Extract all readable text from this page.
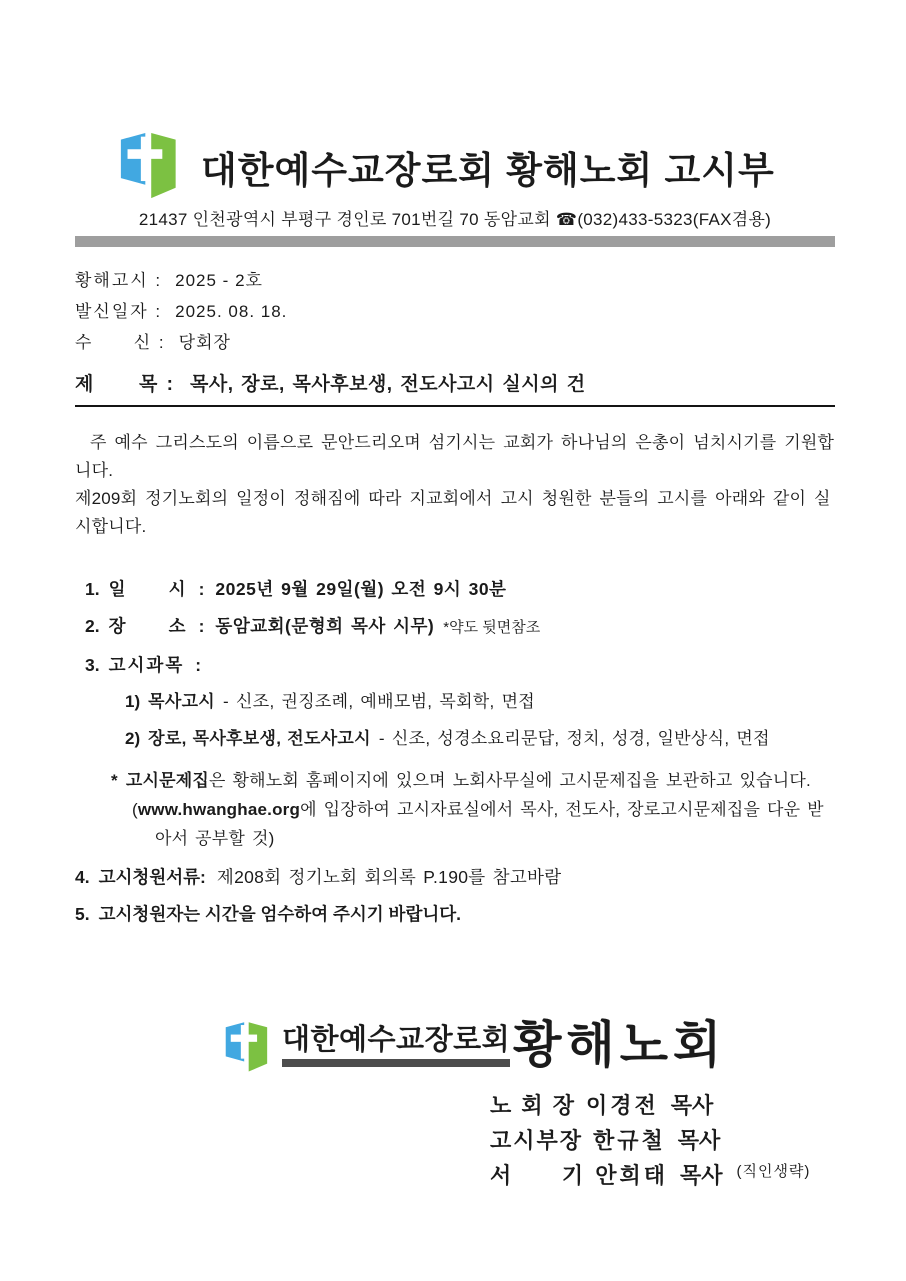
대한예수교장로회 황해노회 고시부
21437 인천광역시 부평구 경인로 701번길 70 동암교회 ☎(032)433-5323(FAX겸용)
황해고시 : 2025 - 2호
발신일자 : 2025. 08. 18.
수      신 : 당회장
제      목 : 목사, 장로, 목사후보생, 전도사고시 실시의 건
주 예수 그리스도의 이름으로 문안드리오며 섬기시는 교회가 하나님의 은총이 넘치시기를 기원합니다.
제209회 정기노회의 일정이 정해짐에 따라 지교회에서 고시 청원한 분들의 고시를 아래와 같이 실시합니다.
1. 일      시 : 2025년 9월 29일(월) 오전 9시 30분
2. 장      소 : 동암교회(문형희 목사 시무) *약도 뒷면참조
3. 고시과목 :
1) 목사고시 - 신조, 권징조례, 예배모범, 목회학, 면접
2) 장로, 목사후보생, 전도사고시 - 신조, 성경소요리문답, 정치, 성경, 일반상식, 면접
* 고시문제집은 황해노회 홈페이지에 있으며 노회사무실에 고시문제집을 보관하고 있습니다.
(www.hwanghae.org에 입장하여 고시자료실에서 목사, 전도사, 장로고시문제집을 다운 받
아서 공부할 것)
4. 고시청원서류: 제208회 정기노회 회의록 P.190를 참고바람
5. 고시청원자는 시간을 엄수하여 주시기 바랍니다.
대한예수교장로회 황해노회
노 회 장 이경전 목사
고시부장 한규철 목사
서      기 안희태 목사 (직인생략)
